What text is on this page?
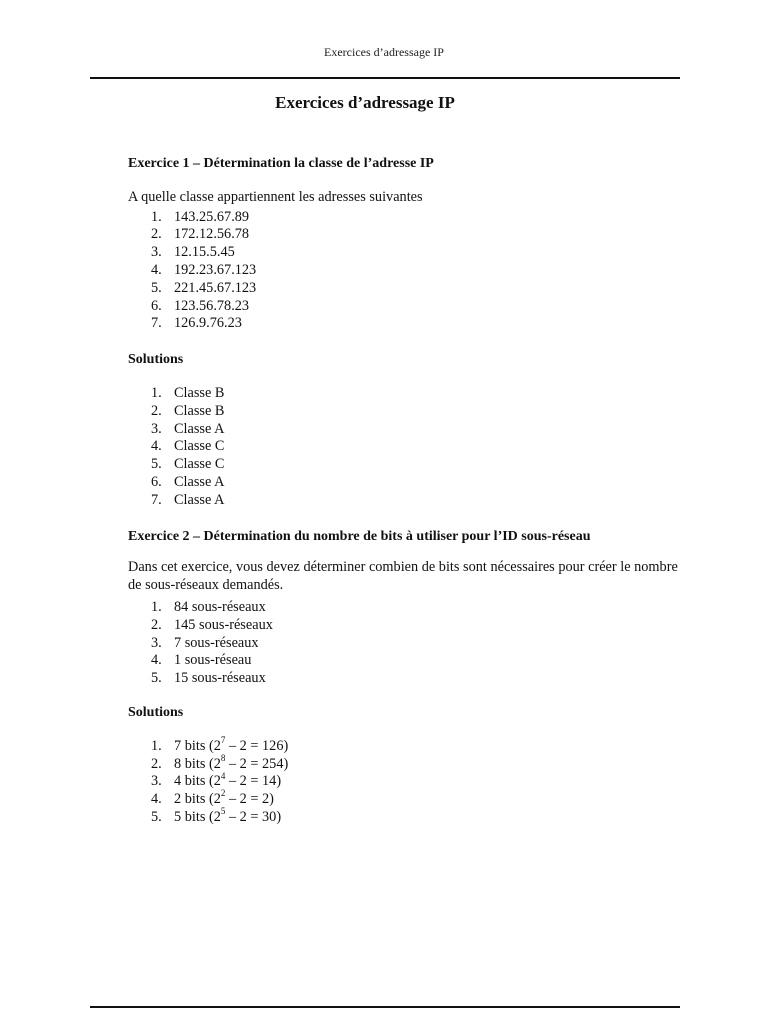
Exercices d’adressage IP
Exercices d’adressage IP
Exercice 1 – Détermination la classe de l’adresse IP

A quelle classe appartiennent les adresses suivantes

1. 143.25.67.89
2. 172.12.56.78
3. 12.15.5.45
4. 192.23.67.123
5. 221.45.67.123
6. 123.56.78.23
7. 126.9.76.23
Solutions
1. Classe B
2. Classe B
3. Classe A
4. Classe C
5. Classe C
6. Classe A
7. Classe A
Exercice 2 – Détermination du nombre de bits à utiliser pour l’ID sous-réseau

Dans cet exercice, vous devez déterminer combien de bits sont nécessaires pour créer le nombre de sous-réseaux demandés.

1. 84 sous-réseaux
2. 145 sous-réseaux
3. 7 sous-réseaux
4. 1 sous-réseau
5. 15 sous-réseaux
Solutions
1. 7 bits $(2^7 - 2 = 126)$
2. 8 bits $(2^8 - 2 = 254)$
3. 4 bits $(2^4 - 2 = 14)$
4. 2 bits $(2^2 - 2 = 2)$
5. 5 bits $(2^5 - 2 = 30)$
